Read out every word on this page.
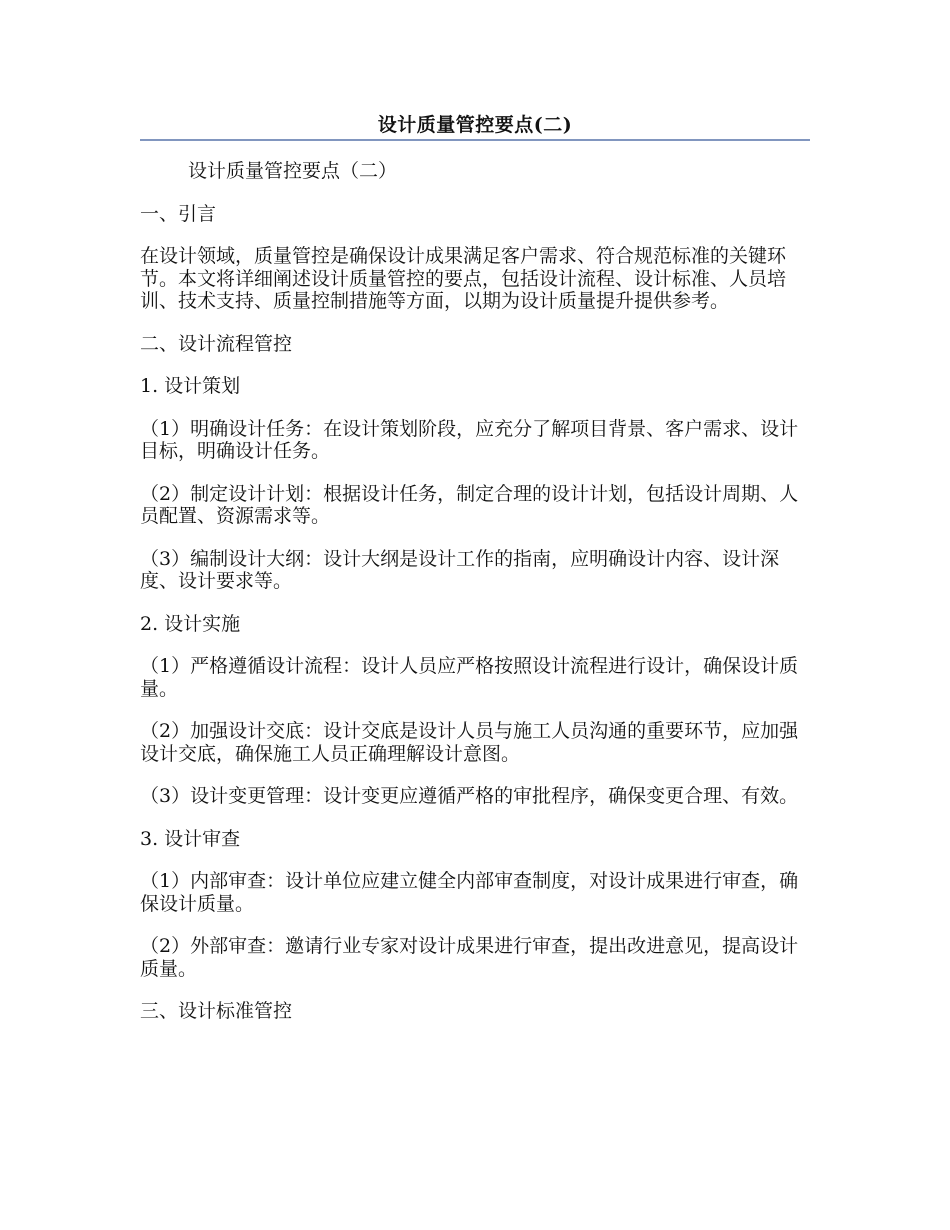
设计质量管控要点(二)

设计质量管控要点（二）

一、引言

在设计领域，质量管控是确保设计成果满足客户需求、符合规范标准的关键环节。本文将详细阐述设计质量管控的要点，包括设计流程、设计标准、人员培训、技术支持、质量控制措施等方面，以期为设计质量提升提供参考。

二、设计流程管控

1. 设计策划

（1）明确设计任务：在设计策划阶段，应充分了解项目背景、客户需求、设计目标，明确设计任务。

（2）制定设计计划：根据设计任务，制定合理的设计计划，包括设计周期、人员配置、资源需求等。

（3）编制设计大纲：设计大纲是设计工作的指南，应明确设计内容、设计深度、设计要求等。

2. 设计实施

（1）严格遵循设计流程：设计人员应严格按照设计流程进行设计，确保设计质量。

（2）加强设计交底：设计交底是设计人员与施工人员沟通的重要环节，应加强设计交底，确保施工人员正确理解设计意图。

（3）设计变更管理：设计变更应遵循严格的审批程序，确保变更合理、有效。

3. 设计审查

（1）内部审查：设计单位应建立健全内部审查制度，对设计成果进行审查，确保设计质量。

（2）外部审查：邀请行业专家对设计成果进行审查，提出改进意见，提高设计质量。

三、设计标准管控
